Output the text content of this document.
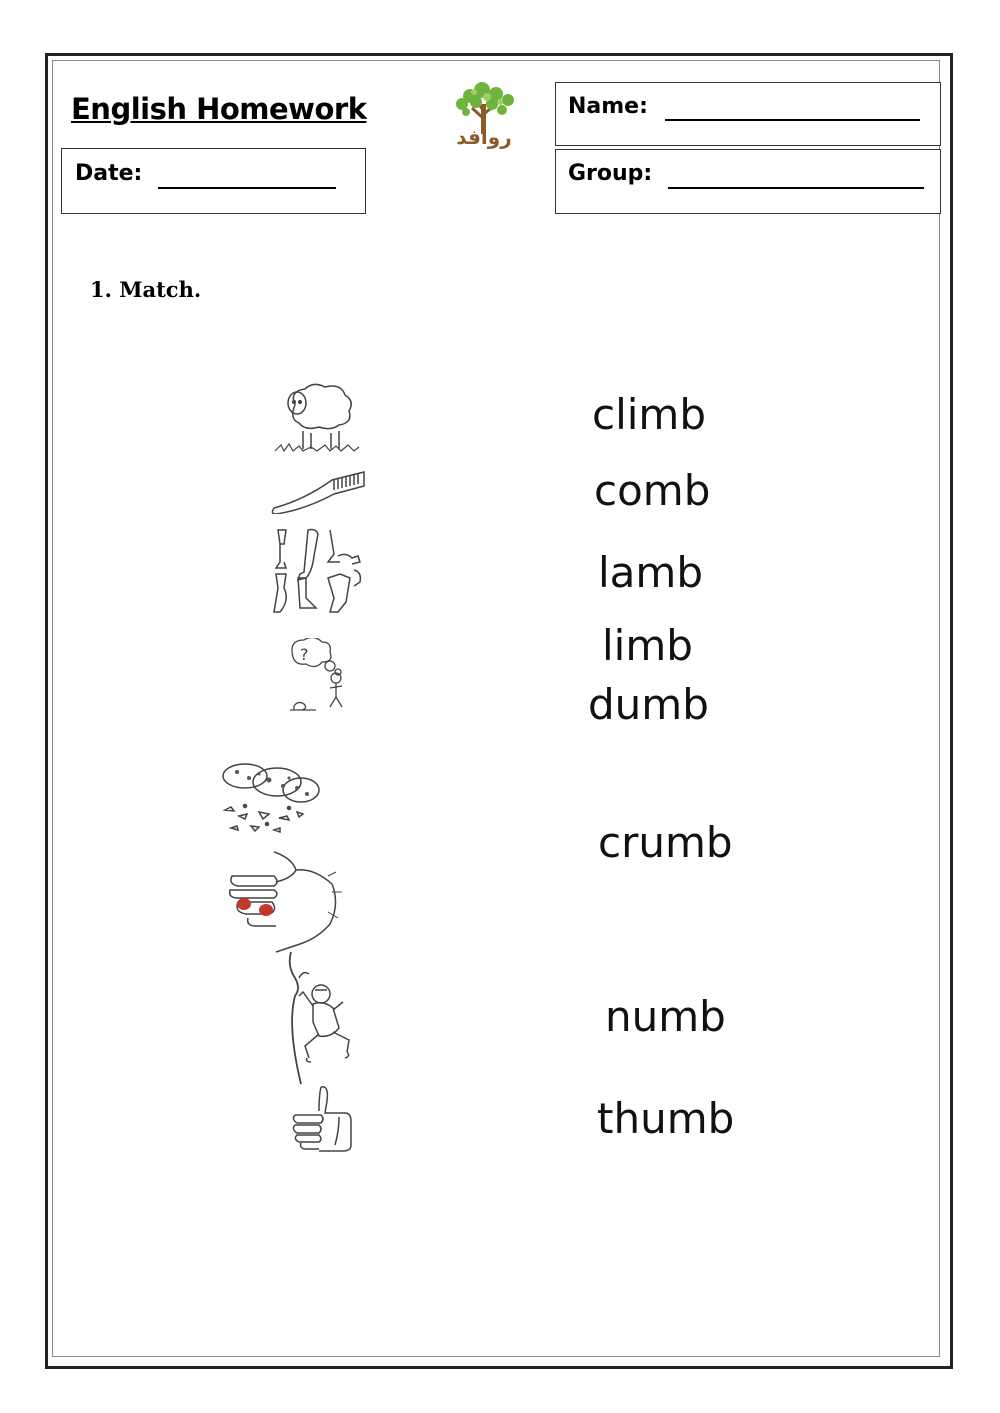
English Homework
روافد
Date:
Name:
Group:
1. Match.
?
climb
comb
lamb
limb
dumb
crumb
numb
thumb
